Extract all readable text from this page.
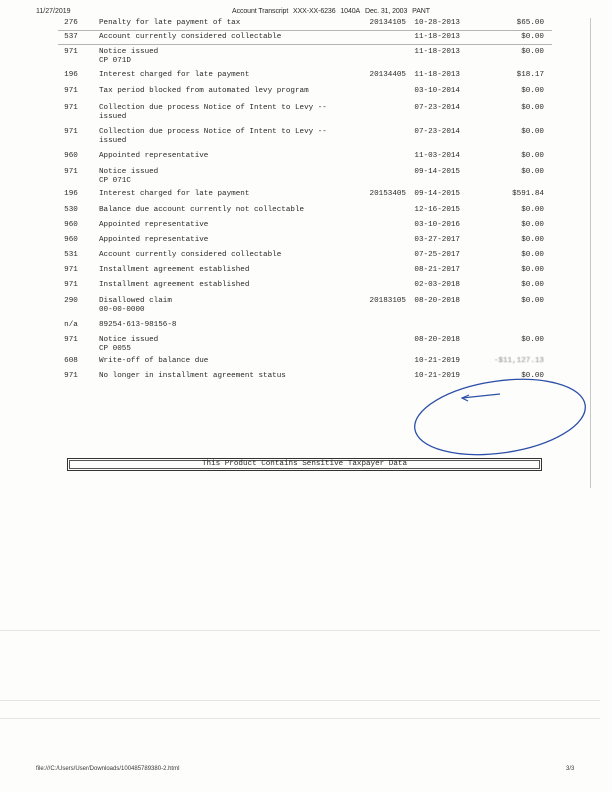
11/27/2019	Account Transcript XXX-XX-6236 1040A Dec. 31, 2003 PANT
276	Penalty for late payment of tax	20134105	10-28-2013	$65.00
537	Account currently considered collectable	11-18-2013	$0.00
971	Notice issued
CP 071D
11-18-2013	$0.00
196	Interest charged for late payment	20134405	11-18-2013	$18.17
971	Tax period blocked from automated levy program	03-10-2014	$0.00
971	Collection due process Notice of Intent to Levy --
issued
07-23-2014	$0.00
971	Collection due process Notice of Intent to Levy --
issued
07-23-2014	$0.00
960	Appointed representative	11-03-2014	$0.00
971	Notice issued
CP 071C
09-14-2015	$0.00
196	Interest charged for late payment	20153405	09-14-2015	$591.84
530	Balance due account currently not collectable	12-16-2015	$0.00
960	Appointed representative	03-10-2016	$0.00
960	Appointed representative	03-27-2017	$0.00
531	Account currently considered collectable	07-25-2017	$0.00
971	Installment agreement established	08-21-2017	$0.00
971	Installment agreement established	02-03-2018	$0.00
290	Disallowed claim
00-00-0000
20183105	08-20-2018	$0.00
n/a	89254-613-98156-8
971	Notice issued
CP 0055
08-20-2018	$0.00
608	Write-off of balance due	10-21-2019	-$11,127.13
971	No longer in installment agreement status	10-21-2019	$0.00
This Product Contains Sensitive Taxpayer Data
file:///C:/Users/User/Downloads/100485789380-2.html	3/3
